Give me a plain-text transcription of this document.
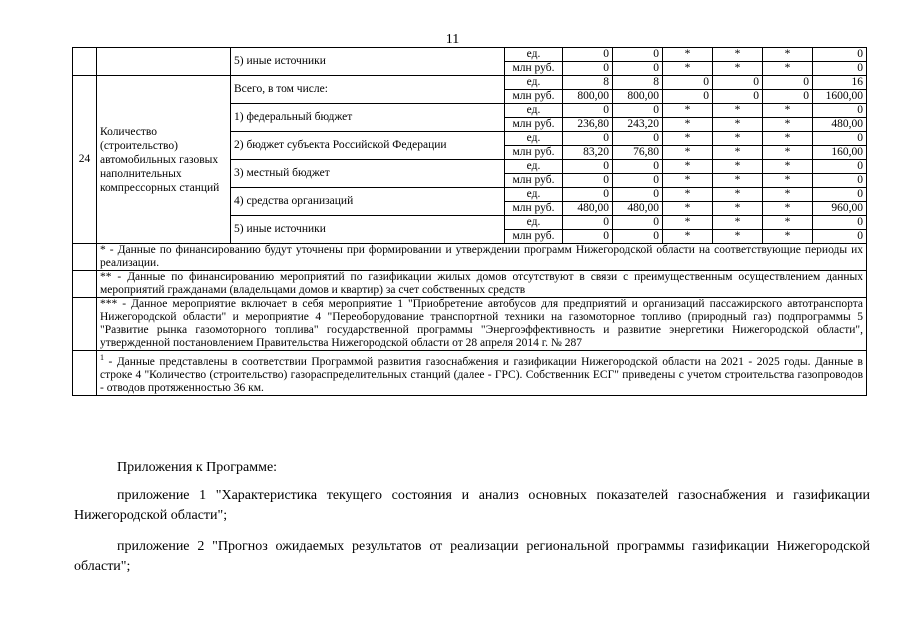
11
		5) иные источники	ед.	0	0	*	*	*	0
			млн руб.	0	0	*	*	*	0
24	Количество (строительство) автомобильных газовых наполнительных компрессорных станций	Всего, в том числе:	ед.	8	8	0	0	0	16
			млн руб.	800,00	800,00	0	0	0	1600,00
		1) федеральный бюджет	ед.	0	0	*	*	*	0
			млн руб.	236,80	243,20	*	*	*	480,00
		2) бюджет субъекта Российской Федерации	ед.	0	0	*	*	*	0
			млн руб.	83,20	76,80	*	*	*	160,00
		3) местный бюджет	ед.	0	0	*	*	*	0
			млн руб.	0	0	*	*	*	0
		4) средства организаций	ед.	0	0	*	*	*	0
			млн руб.	480,00	480,00	*	*	*	960,00
		5) иные источники	ед.	0	0	*	*	*	0
			млн руб.	0	0	*	*	*	0
	* - Данные по финансированию будут уточнены при формировании и утверждении программ Нижегородской области на соответствующие периоды их реализации.								
	** - Данные по финансированию мероприятий по газификации жилых домов отсутствуют в связи с преимущественным осуществлением данных мероприятий гражданами (владельцами домов и квартир) за счет собственных средств								
	*** - Данное мероприятие включает в себя мероприятие 1 "Приобретение автобусов для предприятий и организаций пассажирского автотранспорта Нижегородской области" и мероприятие 4 "Переоборудование транспортной техники на газомоторное топливо (природный газ) подпрограммы 5 "Развитие рынка газомоторного топлива" государственной программы "Энергоэффективность и развитие энергетики Нижегородской области", утвержденной постановлением Правительства Нижегородской области от 28 апреля 2014 г. № 287								
	$^1$ - Данные представлены в соответствии Программой развития газоснабжения и газификации Нижегородской области на 2021 - 2025 годы. Данные в строке 4 "Количество (строительство) газораспределительных станций (далее - ГРС). Собственник ЕСГ" приведены с учетом строительства газопроводов - отводов протяженностью 36 км.								
Приложения к Программе:
приложение 1 "Характеристика текущего состояния и анализ основных показателей газоснабжения и газификации Нижегородской области";
приложение 2 "Прогноз ожидаемых результатов от реализации региональной программы газификации Нижегородской области";
